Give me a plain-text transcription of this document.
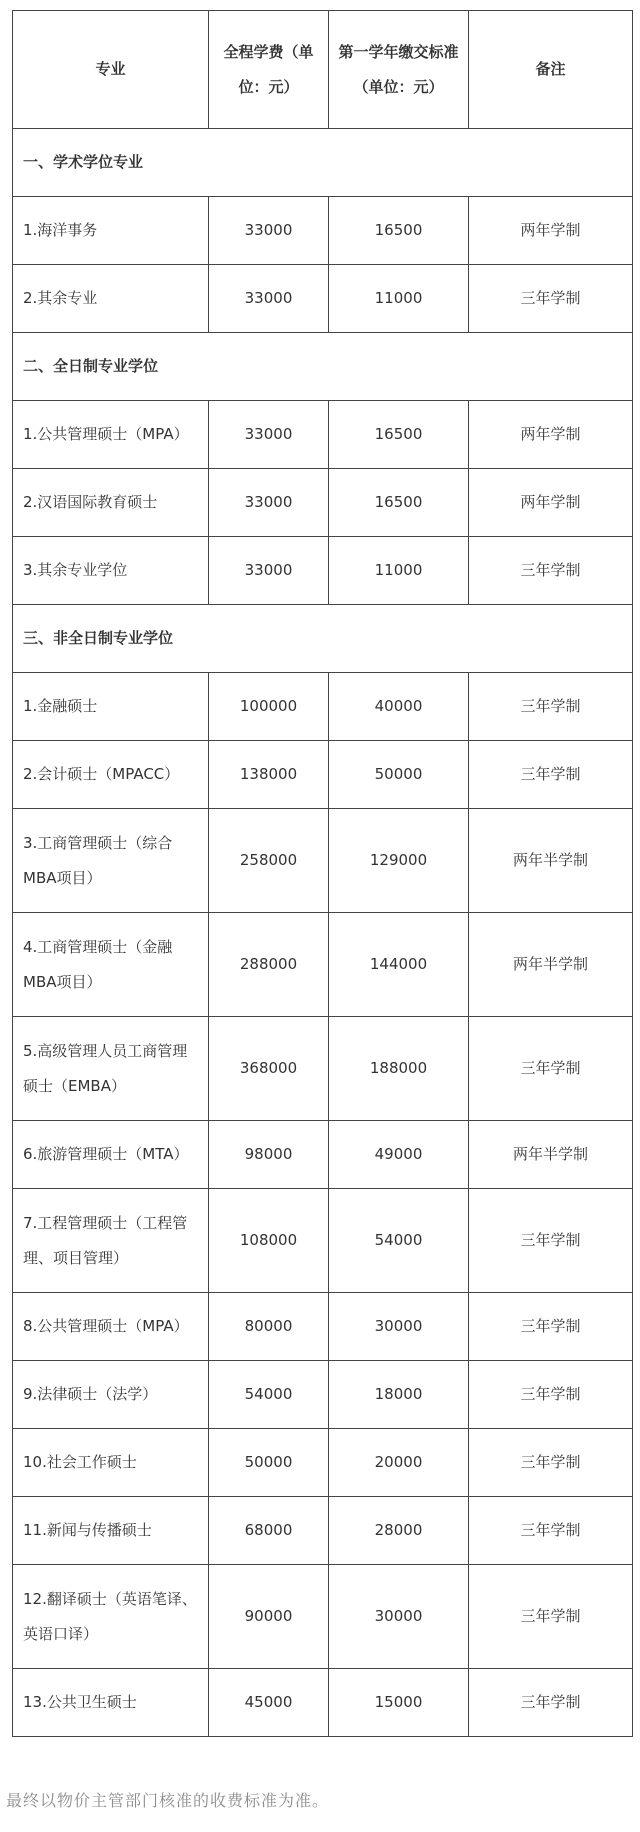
专业	全程学费（单位：元）	第一学年缴交标准（单位：元）	备注
一、学术学位专业			
1.海洋事务	33000	16500	两年学制
2.其余专业	33000	11000	三年学制
二、全日制专业学位			
1.公共管理硕士（MPA）	33000	16500	两年学制
2.汉语国际教育硕士	33000	16500	两年学制
3.其余专业学位	33000	11000	三年学制
三、非全日制专业学位			
1.金融硕士	100000	40000	三年学制
2.会计硕士（MPACC）	138000	50000	三年学制
3.工商管理硕士（综合MBA项目）	258000	129000	两年半学制
4.工商管理硕士（金融MBA项目）	288000	144000	两年半学制
5.高级管理人员工商管理硕士（EMBA）	368000	188000	三年学制
6.旅游管理硕士（MTA）	98000	49000	两年半学制
7.工程管理硕士（工程管理、项目管理）	108000	54000	三年学制
8.公共管理硕士（MPA）	80000	30000	三年学制
9.法律硕士（法学）	54000	18000	三年学制
10.社会工作硕士	50000	20000	三年学制
11.新闻与传播硕士	68000	28000	三年学制
12.翻译硕士（英语笔译、英语口译）	90000	30000	三年学制
13.公共卫生硕士	45000	15000	三年学制
最终以物价主管部门核准的收费标准为准。
